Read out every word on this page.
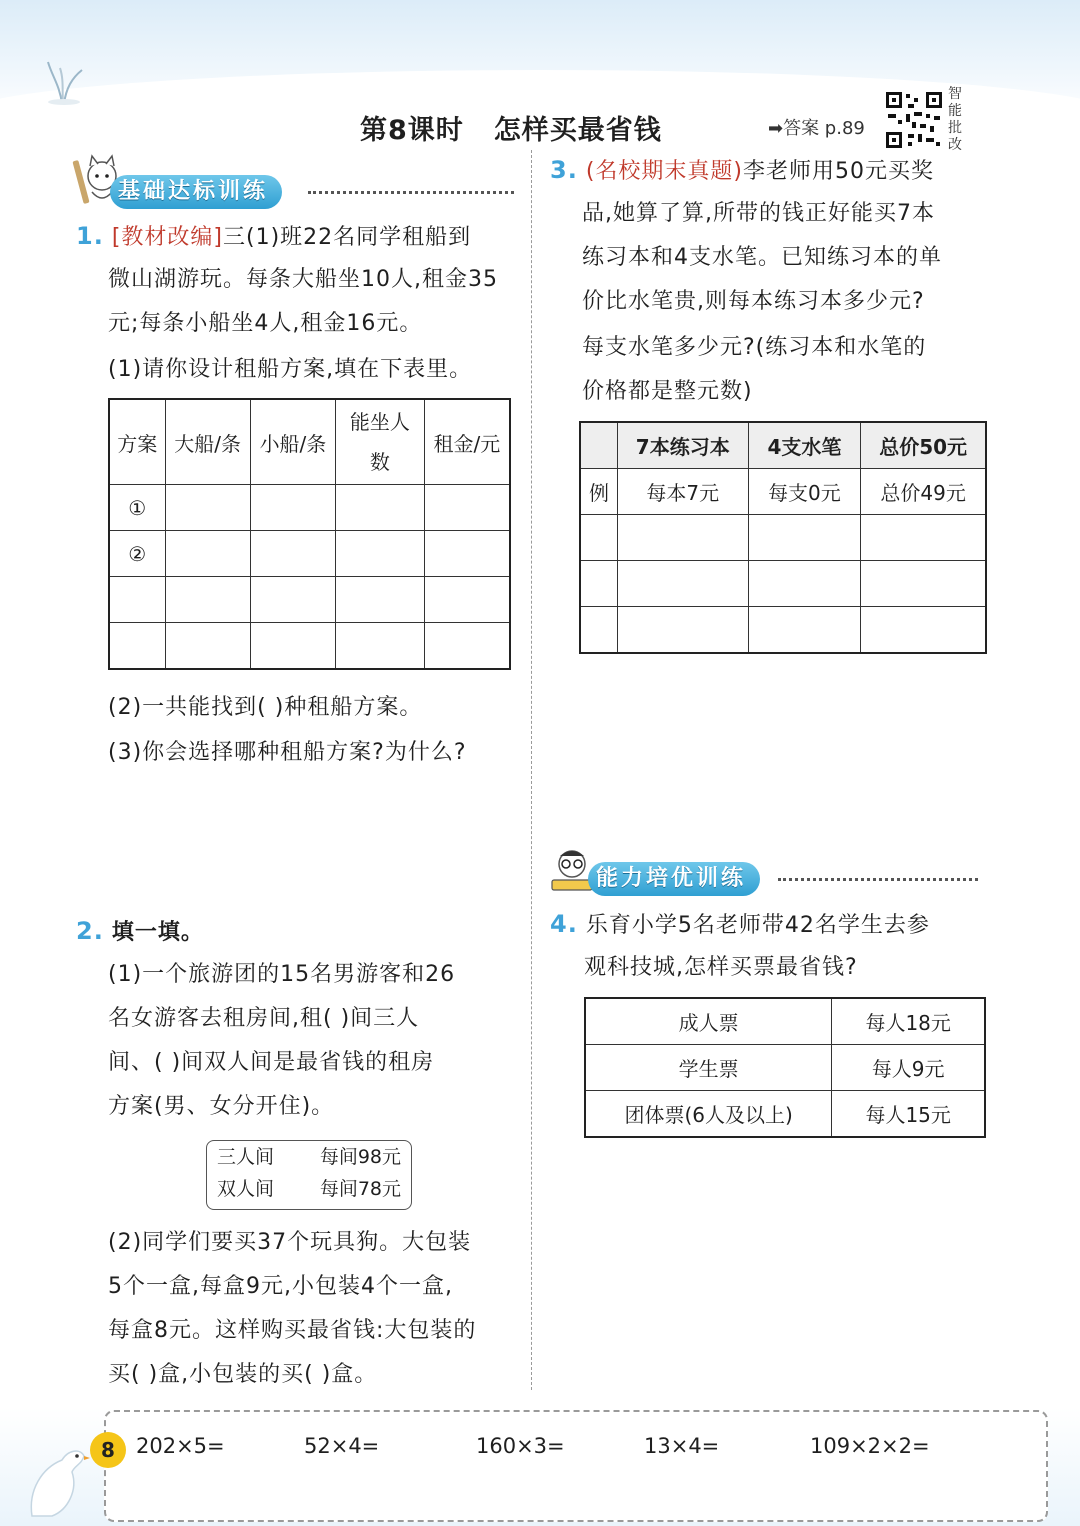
第8课时 怎样买最省钱	➡答案 p.89
智
能
批
改
基础达标训练
1. [教材改编]三(1)班22名同学租船到
微山湖游玩。每条大船坐10人,租金35
元;每条小船坐4人,租金16元。
(1)请你设计租船方案,填在下表里。
方案	大船/条	小船/条	能坐人数	租金/元
①				
②				

(2)一共能找到( )种租船方案。
(3)你会选择哪种租船方案?为什么?
2. 填一填。
(1)一个旅游团的15名男游客和26
名女游客去租房间,租( )间三人
间、( )间双人间是最省钱的租房
方案(男、女分开住)。
三人间 每间98元
双人间 每间78元
(2)同学们要买37个玩具狗。大包装
5个一盒,每盒9元,小包装4个一盒,
每盒8元。这样购买最省钱:大包装的
买( )盒,小包装的买( )盒。
3. (名校期末真题)李老师用50元买奖
品,她算了算,所带的钱正好能买7本
练习本和4支水笔。已知练习本的单
价比水笔贵,则每本练习本多少元?
每支水笔多少元?(练习本和水笔的
价格都是整元数)
	7本练习本	4支水笔	总价50元
例	每本7元	每支0元	总价49元

能力培优训练
4. 乐育小学5名老师带42名学生去参
观科技城,怎样买票最省钱?
成人票	每人18元
学生票	每人9元
团体票(6人及以上)	每人15元
8	202×5=	52×4=	160×3=	13×4=	109×2×2=
